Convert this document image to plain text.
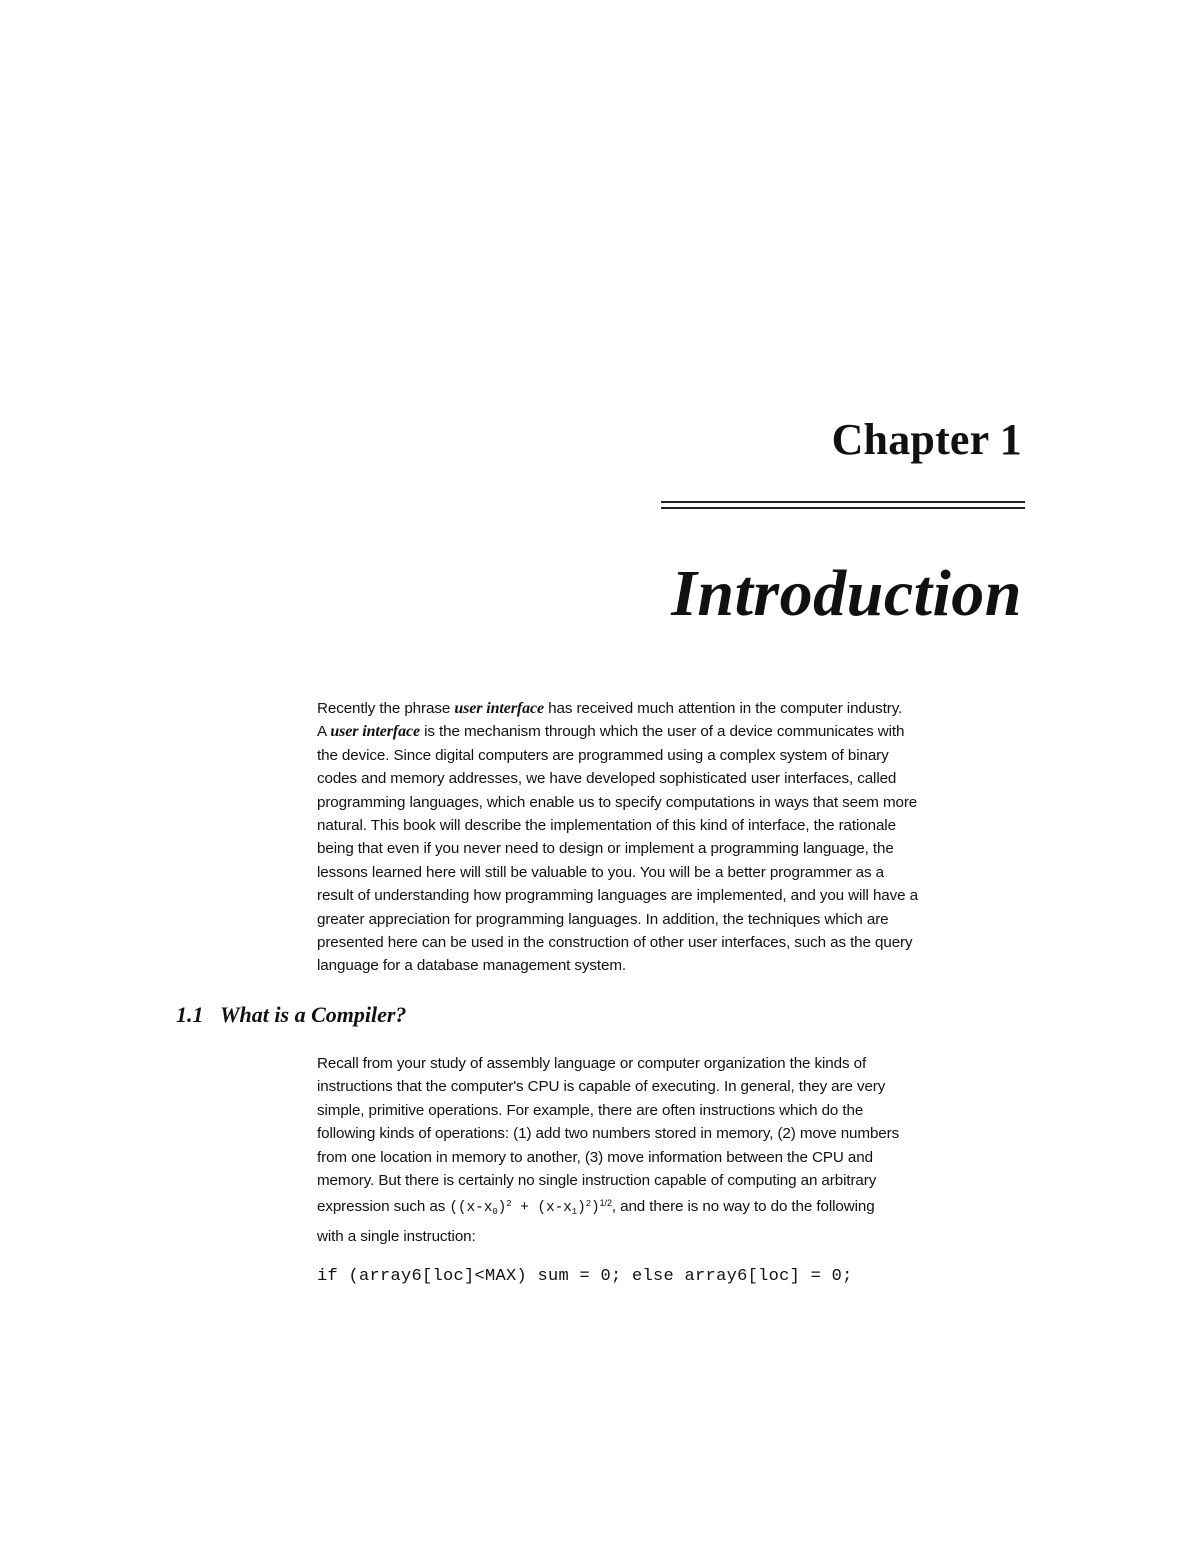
Chapter 1
Introduction
Recently the phrase user interface has received much attention in the computer industry.
A user interface is the mechanism through which the user of a device communicates with
the device. Since digital computers are programmed using a complex system of binary
codes and memory addresses, we have developed sophisticated user interfaces, called
programming languages, which enable us to specify computations in ways that seem more
natural. This book will describe the implementation of this kind of interface, the rationale
being that even if you never need to design or implement a programming language, the
lessons learned here will still be valuable to you. You will be a better programmer as a
result of understanding how programming languages are implemented, and you will have a
greater appreciation for programming languages. In addition, the techniques which are
presented here can be used in the construction of other user interfaces, such as the query
language for a database management system.
1.1 What is a Compiler?
Recall from your study of assembly language or computer organization the kinds of
instructions that the computer's CPU is capable of executing. In general, they are very
simple, primitive operations. For example, there are often instructions which do the
following kinds of operations: (1) add two numbers stored in memory, (2) move numbers
from one location in memory to another, (3) move information between the CPU and
memory. But there is certainly no single instruction capable of computing an arbitrary
expression such as $((x-x_0)^2 + (x-x_1)^2)^{1/2}$, and there is no way to do the following
with a single instruction:
if (array6[loc]<MAX) sum = 0; else array6[loc] = 0;
